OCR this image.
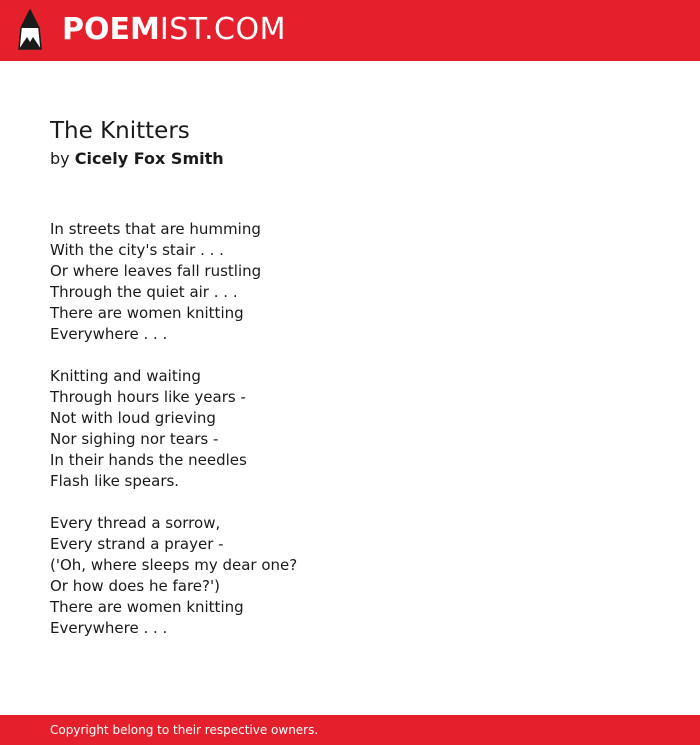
POEMIST.COM
The Knitters
by Cicely Fox Smith
In streets that are humming
With the city's stair . . .
Or where leaves fall rustling
Through the quiet air . . .
There are women knitting
Everywhere . . .
Knitting and waiting
Through hours like years -
Not with loud grieving
Nor sighing nor tears -
In their hands the needles
Flash like spears.
Every thread a sorrow,
Every strand a prayer -
('Oh, where sleeps my dear one?
Or how does he fare?')
There are women knitting
Everywhere . . .
Copyright belong to their respective owners.
